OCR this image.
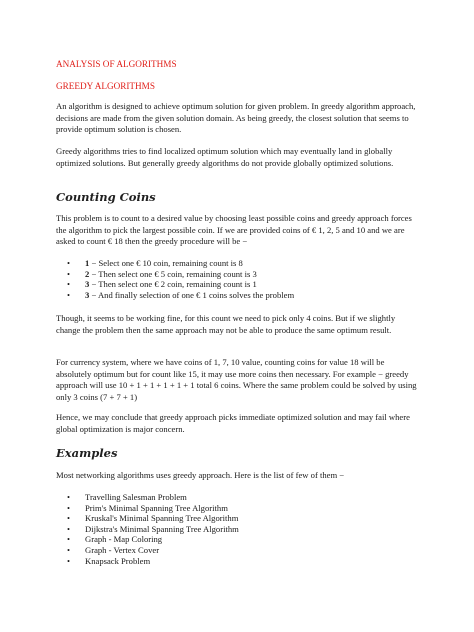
ANALYSIS OF ALGORITHMS
GREEDY ALGORITHMS

An algorithm is designed to achieve optimum solution for given problem. In greedy algorithm approach, decisions are made from the given solution domain. As being greedy, the closest solution that seems to provide optimum solution is chosen.

Greedy algorithms tries to find localized optimum solution which may eventually land in globally optimized solutions. But generally greedy algorithms do not provide globally optimized solutions.

Counting Coins

This problem is to count to a desired value by choosing least possible coins and greedy approach forces the algorithm to pick the largest possible coin. If we are provided coins of € 1, 2, 5 and 10 and we are asked to count € 18 then the greedy procedure will be −

• 1 − Select one € 10 coin, remaining count is 8
• 2 − Then select one € 5 coin, remaining count is 3
• 3 − Then select one € 2 coin, remaining count is 1
• 3 − And finally selection of one € 1 coins solves the problem

Though, it seems to be working fine, for this count we need to pick only 4 coins. But if we slightly change the problem then the same approach may not be able to produce the same optimum result.

For currency system, where we have coins of 1, 7, 10 value, counting coins for value 18 will be absolutely optimum but for count like 15, it may use more coins then necessary. For example − greedy approach will use 10 + 1 + 1 + 1 + 1 + 1 total 6 coins. Where the same problem could be solved by using only 3 coins (7 + 7 + 1)

Hence, we may conclude that greedy approach picks immediate optimized solution and may fail where global optimization is major concern.

Examples

Most networking algorithms uses greedy approach. Here is the list of few of them −

• Travelling Salesman Problem
• Prim's Minimal Spanning Tree Algorithm
• Kruskal's Minimal Spanning Tree Algorithm
• Dijkstra's Minimal Spanning Tree Algorithm
• Graph - Map Coloring
• Graph - Vertex Cover
• Knapsack Problem
